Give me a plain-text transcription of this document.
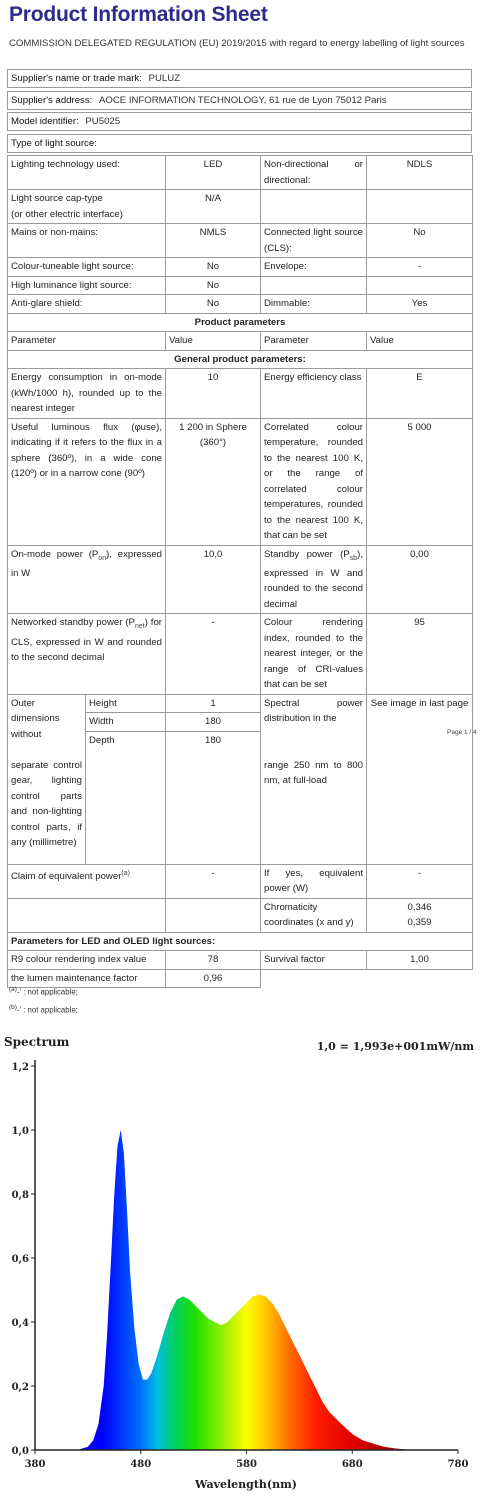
Product Information Sheet
COMMISSION DELEGATED REGULATION (EU) 2019/2015 with regard to energy labelling of light sources
Supplier's name or trade mark: PULUZ
Supplier's address: AOCE INFORMATION TECHNOLOGY, 61 rue de Lyon 75012 Paris
Model identifier: PU5025
Type of light source:
Lighting technology used:		LED	Non-directional or directional:	NDLS
Light source cap-type
(or other electric interface)		N/A		
Mains or non-mains:		NMLS	Connected light source (CLS):	No
Colour-tuneable light source:		No	Envelope:	-
High luminance light source:		No		
Anti-glare shield:		No	Dimmable:	Yes
Product parameters				
Parameter		Value	Parameter	Value
General product parameters:				
Energy consumption in on-mode (kWh/1000 h), rounded up to the nearest integer		10	Energy efficiency class	E
Useful luminous flux (φuse), indicating if it refers to the flux in a sphere (360º), in a wide cone (120º) or in a narrow cone (90º)		1 200 in Sphere (360°)	Correlated colour temperature, rounded to the nearest 100 K, or the range of correlated colour temperatures, rounded to the nearest 100 K, that can be set	5 000
On-mode power $(P_{on})$, expressed in W		10,0	Standby power $(P_{sb})$, expressed in W and rounded to the second decimal	0,00
Networked standby power $(P_{net})$ for CLS, expressed in W and rounded to the second decimal		-	Colour rendering index, rounded to the nearest integer, or the range of CRI-values that can be set	95
Outer dimensions without

separate control gear, lighting control parts and non-lighting control parts, if any (millimetre)	Height	1	Spectral power distribution in the

range 250 nm to 800 nm, at full-load	See image in last page
	Width	180		
	Depth	180		
Claim of equivalent power$^{(a)}$		-	If yes, equivalent power (W)	-
			Chromaticity coordinates (x and y)	0,346
0,359
Parameters for LED and OLED light sources:				
R9 colour rendering index value		78	Survival factor	1,00
the lumen maintenance factor		0,96		
Page 1 / 4
$^{(a)}$-' : not applicable;
$^{(b)}$-' : not applicable;
Spectrum	1,0 = 1,993e+001mW/nm
0,0
0,2
0,4
0,6
0,8
1,0
1,2
380	480	580	680	780
Wavelength(nm)
